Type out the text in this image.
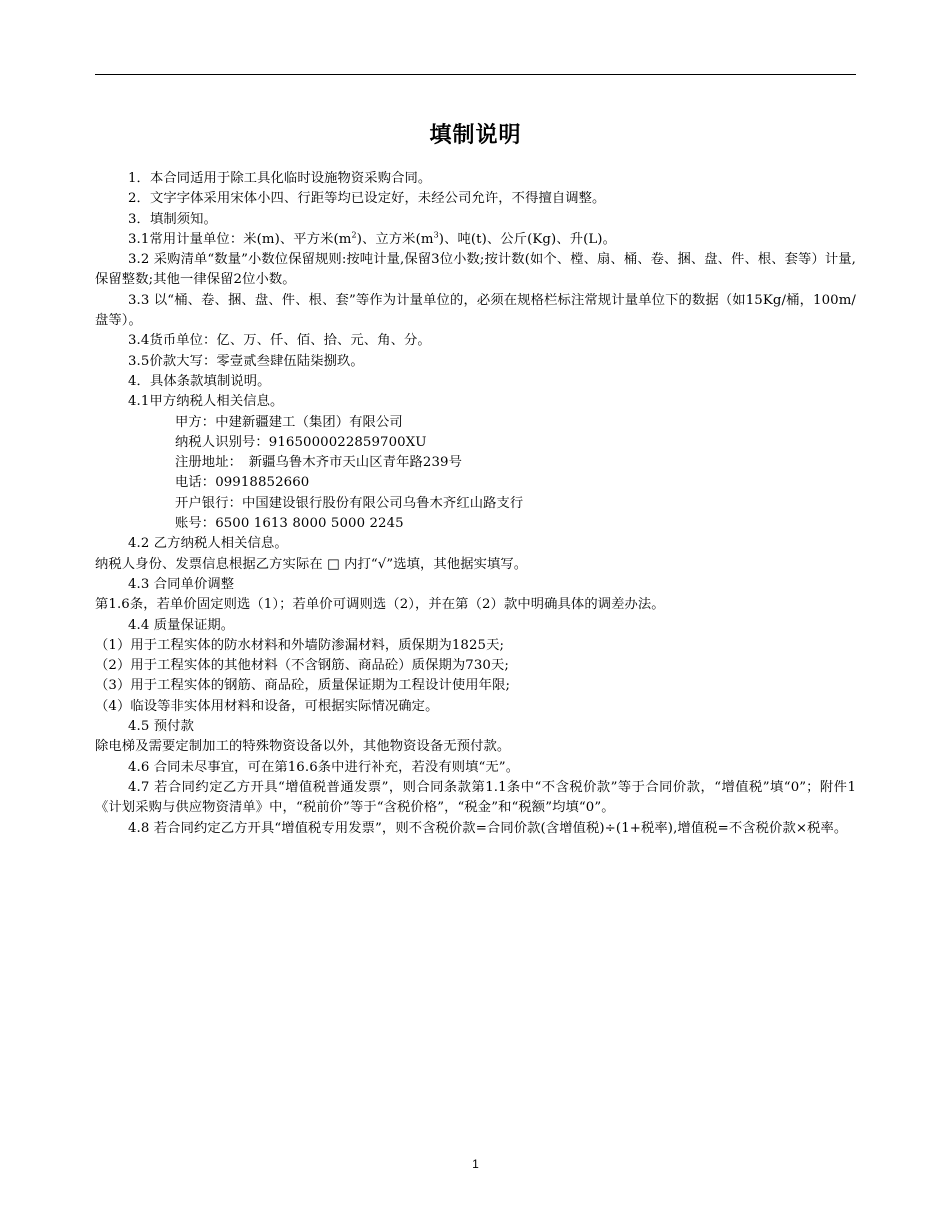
填制说明

1．本合同适用于除工具化临时设施物资采购合同。

2．文字字体采用宋体小四、行距等均已设定好，未经公司允许，不得擅自调整。

3．填制须知。

3.1常用计量单位：米(m)、平方米$(m^2)$、立方米$(m^3)$、吨(t)、公斤(Kg)、升(L)。

3.2 采购清单“数量”小数位保留规则:按吨计量,保留3位小数;按计数(如个、樘、扇、桶、卷、捆、盘、件、根、套等）计量,保留整数;其他一律保留2位小数。

3.3 以“桶、卷、捆、盘、件、根、套”等作为计量单位的，必须在规格栏标注常规计量单位下的数据（如15Kg/桶，100m/盘等）。

3.4货币单位：亿、万、仟、佰、拾、元、角、分。

3.5价款大写：零壹贰叁肆伍陆柒捌玖。

4．具体条款填制说明。

4.1甲方纳税人相关信息。

甲方：中建新疆建工（集团）有限公司

纳税人识别号：9165000022859700XU

注册地址：　新疆乌鲁木齐市天山区青年路239号

电话：09918852660

开户银行：中国建设银行股份有限公司乌鲁木齐红山路支行

账号：6500 1613 8000 5000 2245

4.2 乙方纳税人相关信息。

纳税人身份、发票信息根据乙方实际在 □ 内打“√”选填，其他据实填写。

4.3 合同单价调整

第1.6条，若单价固定则选（1）；若单价可调则选（2），并在第（2）款中明确具体的调差办法。

4.4 质量保证期。

（1）用于工程实体的防水材料和外墙防渗漏材料，质保期为1825天;

（2）用于工程实体的其他材料（不含钢筋、商品砼）质保期为730天;

（3）用于工程实体的钢筋、商品砼，质量保证期为工程设计使用年限;

（4）临设等非实体用材料和设备，可根据实际情况确定。

4.5 预付款

除电梯及需要定制加工的特殊物资设备以外，其他物资设备无预付款。

4.6 合同未尽事宜，可在第16.6条中进行补充，若没有则填“无”。

4.7 若合同约定乙方开具“增值税普通发票”，则合同条款第1.1条中“不含税价款”等于合同价款，“增值税”填“0”；附件1《计划采购与供应物资清单》中，“税前价”等于“含税价格”，“税金”和“税额”均填“0”。

4.8 若合同约定乙方开具“增值税专用发票”，则不含税价款=合同价款(含增值税)÷(1+税率),增值税=不含税价款×税率。

1
